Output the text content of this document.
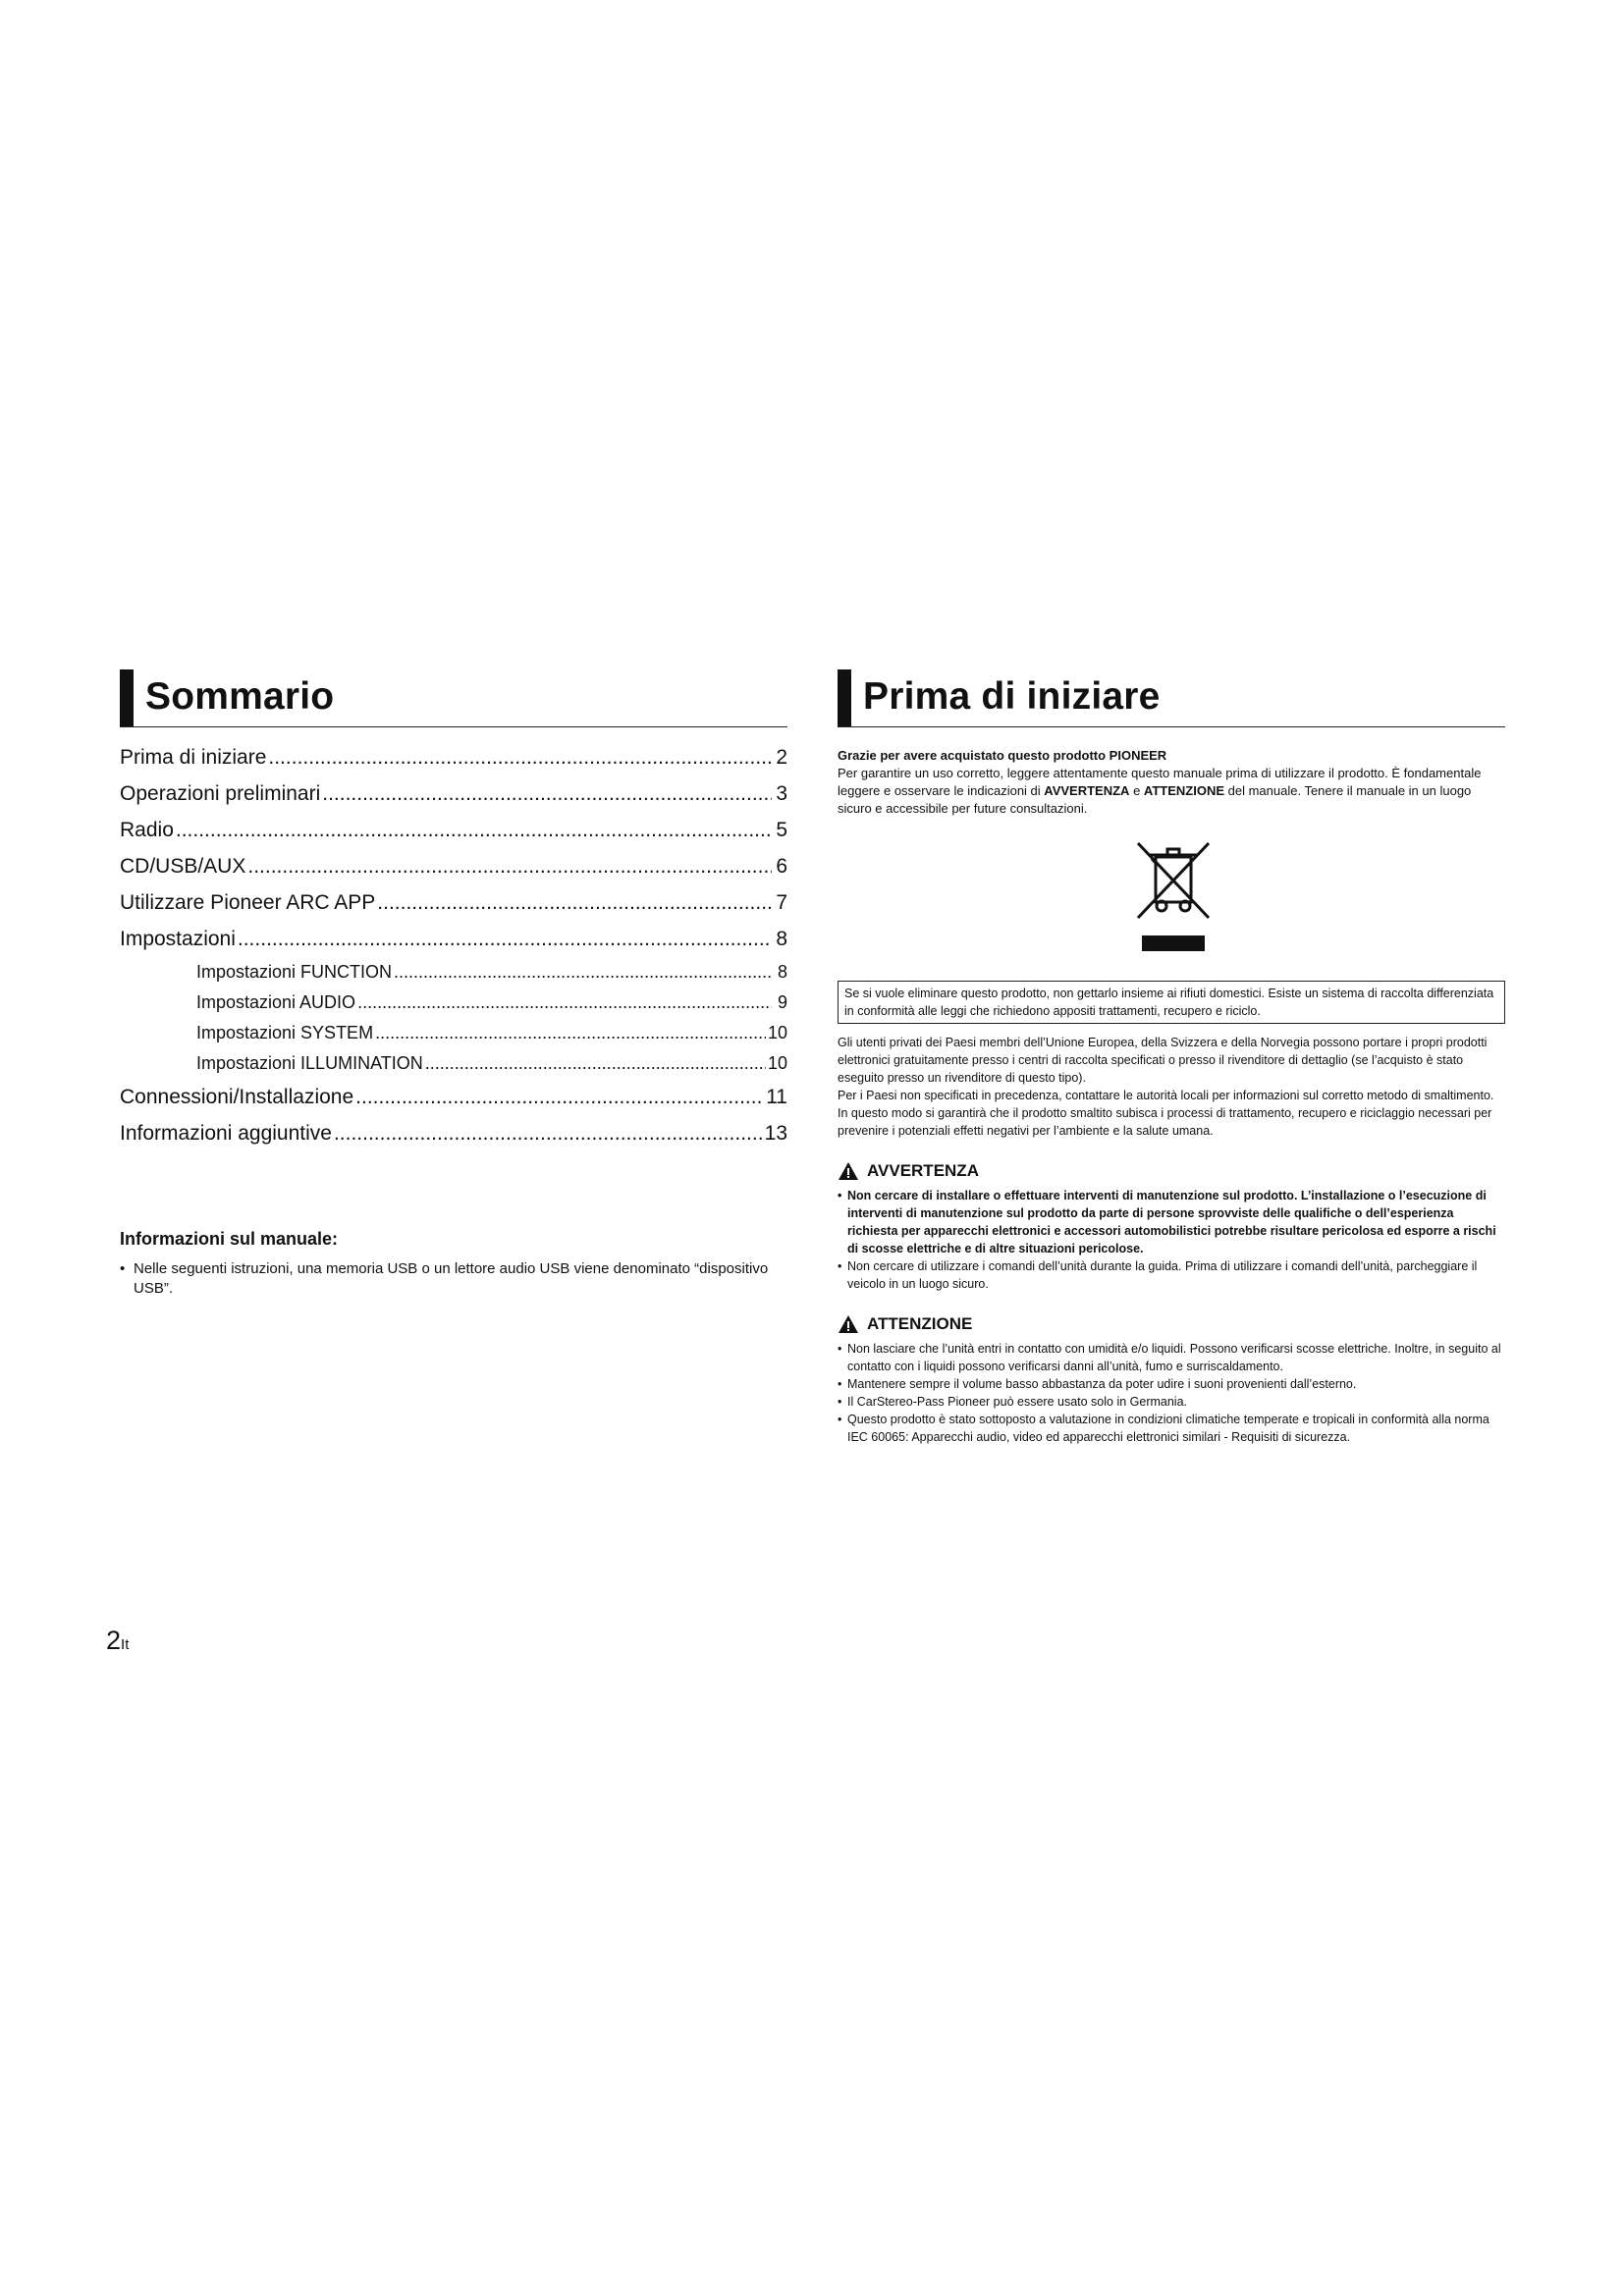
Sommario
Prima di iniziare .....	2
Operazioni preliminari .....	3
Radio .....	5
CD/USB/AUX .....	6
Utilizzare Pioneer ARC APP .....	7
Impostazioni .....	8
Impostazioni FUNCTION .....	8
Impostazioni AUDIO .....	9
Impostazioni SYSTEM .....	10
Impostazioni ILLUMINATION .....	10
Connessioni/Installazione .....	11
Informazioni aggiuntive .....	13
Informazioni sul manuale:
• Nelle seguenti istruzioni, una memoria USB o un lettore audio USB viene denominato “dispositivo USB”.
Prima di iniziare
Grazie per avere acquistato questo prodotto PIONEER
Per garantire un uso corretto, leggere attentamente questo manuale prima di utilizzare il prodotto. È fondamentale leggere e osservare le indicazioni di AVVERTENZA e ATTENZIONE del manuale. Tenere il manuale in un luogo sicuro e accessibile per future consultazioni.
Se si vuole eliminare questo prodotto, non gettarlo insieme ai rifiuti domestici. Esiste un sistema di raccolta differenziata in conformità alle leggi che richiedono appositi trattamenti, recupero e riciclo.
Gli utenti privati dei Paesi membri dell’Unione Europea, della Svizzera e della Norvegia possono portare i propri prodotti elettronici gratuitamente presso i centri di raccolta specificati o presso il rivenditore di dettaglio (se l’acquisto è stato eseguito presso un rivenditore di questo tipo).
Per i Paesi non specificati in precedenza, contattare le autorità locali per informazioni sul corretto metodo di smaltimento.
In questo modo si garantirà che il prodotto smaltito subisca i processi di trattamento, recupero e riciclaggio necessari per prevenire i potenziali effetti negativi per l’ambiente e la salute umana.
AVVERTENZA
• Non cercare di installare o effettuare interventi di manutenzione sul prodotto. L’installazione o l’esecuzione di interventi di manutenzione sul prodotto da parte di persone sprovviste delle qualifiche o dell’esperienza richiesta per apparecchi elettronici e accessori automobilistici potrebbe risultare pericolosa ed esporre a rischi di scosse elettriche e di altre situazioni pericolose.
• Non cercare di utilizzare i comandi dell’unità durante la guida. Prima di utilizzare i comandi dell’unità, parcheggiare il veicolo in un luogo sicuro.
ATTENZIONE
• Non lasciare che l’unità entri in contatto con umidità e/o liquidi. Possono verificarsi scosse elettriche. Inoltre, in seguito al contatto con i liquidi possono verificarsi danni all’unità, fumo e surriscaldamento.
• Mantenere sempre il volume basso abbastanza da poter udire i suoni provenienti dall’esterno.
• Il CarStereo-Pass Pioneer può essere usato solo in Germania.
• Questo prodotto è stato sottoposto a valutazione in condizioni climatiche temperate e tropicali in conformità alla norma IEC 60065: Apparecchi audio, video ed apparecchi elettronici similari - Requisiti di sicurezza.
2It
